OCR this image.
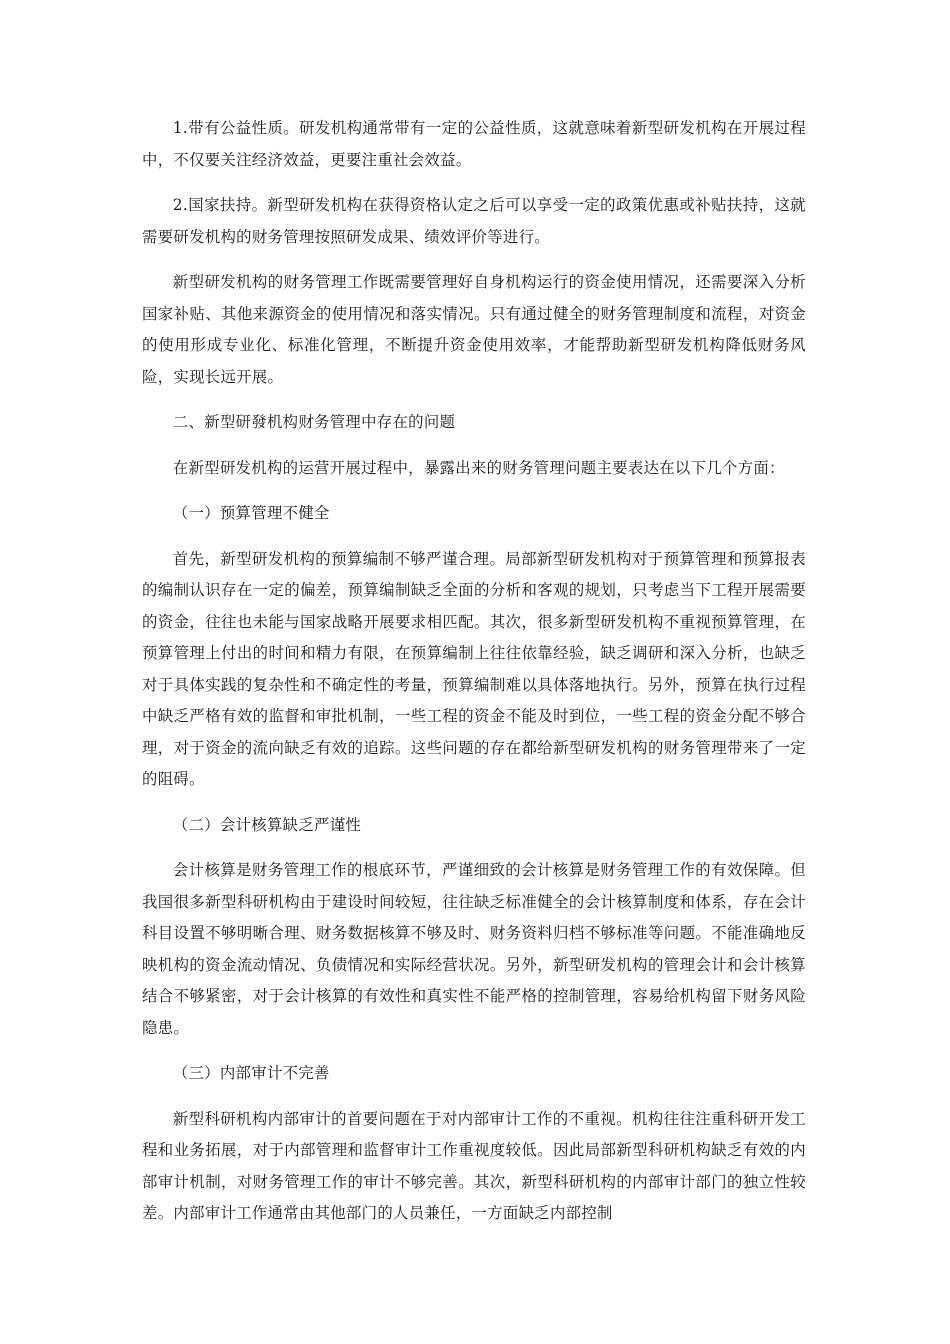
1.带有公益性质。研发机构通常带有一定的公益性质，这就意味着新型研发机构在开展过程中，不仅要关注经济效益，更要注重社会效益。

2.国家扶持。新型研发机构在获得资格认定之后可以享受一定的政策优惠或补贴扶持，这就需要研发机构的财务管理按照研发成果、绩效评价等进行。

新型研发机构的财务管理工作既需要管理好自身机构运行的资金使用情况，还需要深入分析国家补贴、其他来源资金的使用情况和落实情况。只有通过健全的财务管理制度和流程，对资金的使用形成专业化、标准化管理，不断提升资金使用效率，才能帮助新型研发机构降低财务风险，实现长远开展。

二、新型研發机构财务管理中存在的问题

在新型研发机构的运营开展过程中，暴露出来的财务管理问题主要表达在以下几个方面：

（一）预算管理不健全

首先，新型研发机构的预算编制不够严谨合理。局部新型研发机构对于预算管理和预算报表的编制认识存在一定的偏差，预算编制缺乏全面的分析和客观的规划，只考虑当下工程开展需要的资金，往往也未能与国家战略开展要求相匹配。其次，很多新型研发机构不重视预算管理，在预算管理上付出的时间和精力有限，在预算编制上往往依靠经验，缺乏调研和深入分析，也缺乏对于具体实践的复杂性和不确定性的考量，预算编制难以具体落地执行。另外，预算在执行过程中缺乏严格有效的监督和审批机制，一些工程的资金不能及时到位，一些工程的资金分配不够合理，对于资金的流向缺乏有效的追踪。这些问题的存在都给新型研发机构的财务管理带来了一定的阻碍。

（二）会计核算缺乏严谨性

会计核算是财务管理工作的根底环节，严谨细致的会计核算是财务管理工作的有效保障。但我国很多新型科研机构由于建设时间较短，往往缺乏标准健全的会计核算制度和体系，存在会计科目设置不够明晰合理、财务数据核算不够及时、财务资料归档不够标准等问题。不能准确地反映机构的资金流动情况、负债情况和实际经营状况。另外，新型研发机构的管理会计和会计核算结合不够紧密，对于会计核算的有效性和真实性不能严格的控制管理，容易给机构留下财务风险隐患。

（三）内部审计不完善

新型科研机构内部审计的首要问题在于对内部审计工作的不重视。机构往往注重科研开发工程和业务拓展，对于内部管理和监督审计工作重视度较低。因此局部新型科研机构缺乏有效的内部审计机制，对财务管理工作的审计不够完善。其次，新型科研机构的内部审计部门的独立性较差。内部审计工作通常由其他部门的人员兼任，一方面缺乏内部控制
